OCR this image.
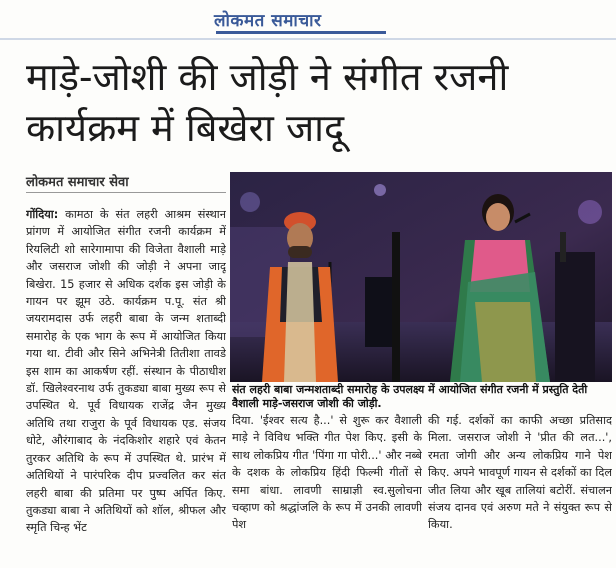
लोकमत समाचार
माड़े-जोशी की जोड़ी ने संगीत रजनी कार्यक्रम में बिखेरा जादू
लोकमत समाचार सेवा
गोंदिया: कामठा के संत लहरी आश्रम संस्थान प्रांगण में आयोजित संगीत रजनी कार्यक्रम में रियलिटी शो सारेगामापा की विजेता वैशाली माड़े और जसराज जोशी की जोड़ी ने अपना जादू बिखेरा. 15 हजार से अधिक दर्शक इस जोड़ी के गायन पर झूम उठे. कार्यक्रम प.पू. संत श्री जयरामदास उर्फ लहरी बाबा के जन्म शताब्दी समारोह के एक भाग के रूप में आयोजित किया गया था. टीवी और सिने अभिनेत्री तितीशा तावडे इस शाम का आकर्षण रहीं. संस्थान के पीठाधीश डॉ. खिलेश्वरनाथ उर्फ तुकड्या बाबा मुख्य रूप से उपस्थित थे. पूर्व विधायक राजेंद्र जैन मुख्य अतिथि तथा राजुरा के पूर्व विधायक एड. संजय धोटे, औरंगाबाद के नंदकिशोर शहारे एवं केतन तुरकर अतिथि के रूप में उपस्थित थे. प्रारंभ में अतिथियों ने पारंपरिक दीप प्रज्वलित कर संत लहरी बाबा की प्रतिमा पर पुष्प अर्पित किए. तुकड्या बाबा ने अतिथियों को शॉल, श्रीफल और स्मृति चिन्ह भेंट
संत लहरी बाबा जन्मशताब्दी समारोह के उपलक्ष्य में आयोजित संगीत रजनी में प्रस्तुति देती वैशाली माड़े-जसराज जोशी की जोड़ी.
दिया. 'ईश्वर सत्य है...' से शुरू कर वैशाली माड़े ने विविध भक्ति गीत पेश किए. इसी के साथ लोकप्रिय गीत 'पिंगा गा पोरी...' और नब्बे के दशक के लोकप्रिय हिंदी फिल्मी गीतों से समा बांधा. लावणी साम्राज्ञी स्व.सुलोचना चव्हाण को श्रद्धांजलि के रूप में उनकी लावणी पेश
की गई. दर्शकों का काफी अच्छा प्रतिसाद मिला. जसराज जोशी ने 'प्रीत की लत...', रमता जोगी और अन्य लोकप्रिय गाने पेश किए. अपने भावपूर्ण गायन से दर्शकों का दिल जीत लिया और खूब तालियां बटोरीं. संचालन संजय दानव एवं अरुण मते ने संयुक्त रूप से किया.
